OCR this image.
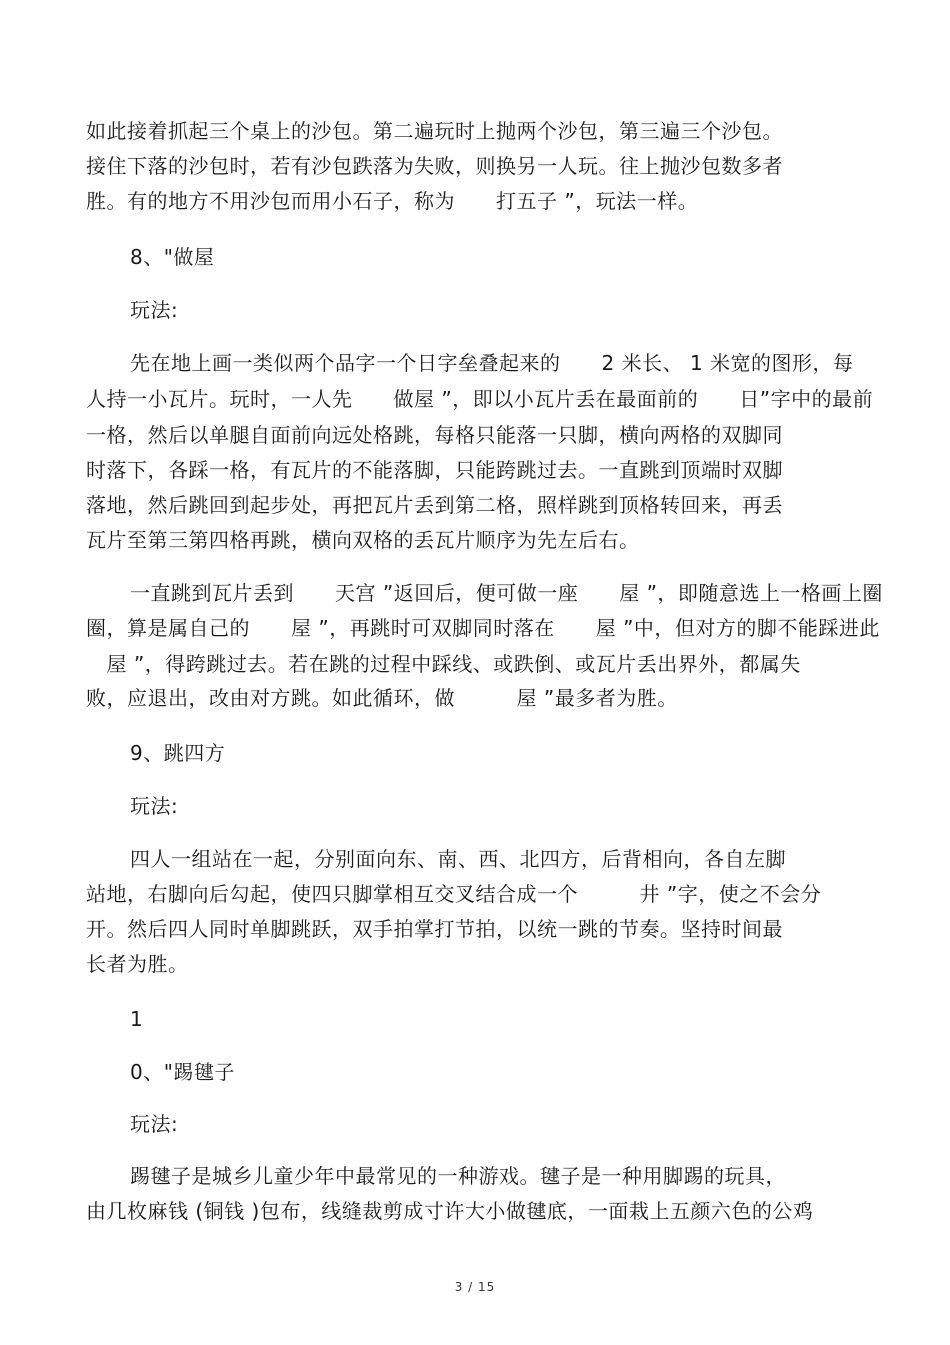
如此接着抓起三个桌上的沙包。第二遍玩时上抛两个沙包，第三遍三个沙包。
接住下落的沙包时，若有沙包跌落为失败，则换另一人玩。往上抛沙包数多者
胜。有的地方不用沙包而用小石子，称为　　打五子 ”，玩法一样。
8、"做屋
玩法:
先在地上画一类似两个品字一个日字垒叠起来的　　2 米长、 1 米宽的图形，每
人持一小瓦片。玩时，一人先　　做屋 ”，即以小瓦片丢在最面前的　　日”字中的最前
一格，然后以单腿自面前向远处格跳，每格只能落一只脚，横向两格的双脚同
时落下，各踩一格，有瓦片的不能落脚，只能跨跳过去。一直跳到顶端时双脚
落地，然后跳回到起步处，再把瓦片丢到第二格，照样跳到顶格转回来，再丢
瓦片至第三第四格再跳，横向双格的丢瓦片顺序为先左后右。
一直跳到瓦片丢到　　天宫 ”返回后，便可做一座　　屋 ”，即随意选上一格画上圈
圈，算是属自己的　　屋 ”，再跳时可双脚同时落在　　屋 ”中，但对方的脚不能踩进此
　屋 ”，得跨跳过去。若在跳的过程中踩线、或跌倒、或瓦片丢出界外，都属失
败，应退出，改由对方跳。如此循环，做　　　屋 ”最多者为胜。
9、跳四方
玩法:
四人一组站在一起，分别面向东、南、西、北四方，后背相向，各自左脚
站地，右脚向后勾起，使四只脚掌相互交叉结合成一个　　　井 ”字，使之不会分
开。然后四人同时单脚跳跃，双手拍掌打节拍，以统一跳的节奏。坚持时间最
长者为胜。
1
0、"踢毽子
玩法:
踢毽子是城乡儿童少年中最常见的一种游戏。毽子是一种用脚踢的玩具，
由几枚麻钱 (铜钱 )包布，线缝裁剪成寸许大小做毽底，一面栽上五颜六色的公鸡
3 / 15
